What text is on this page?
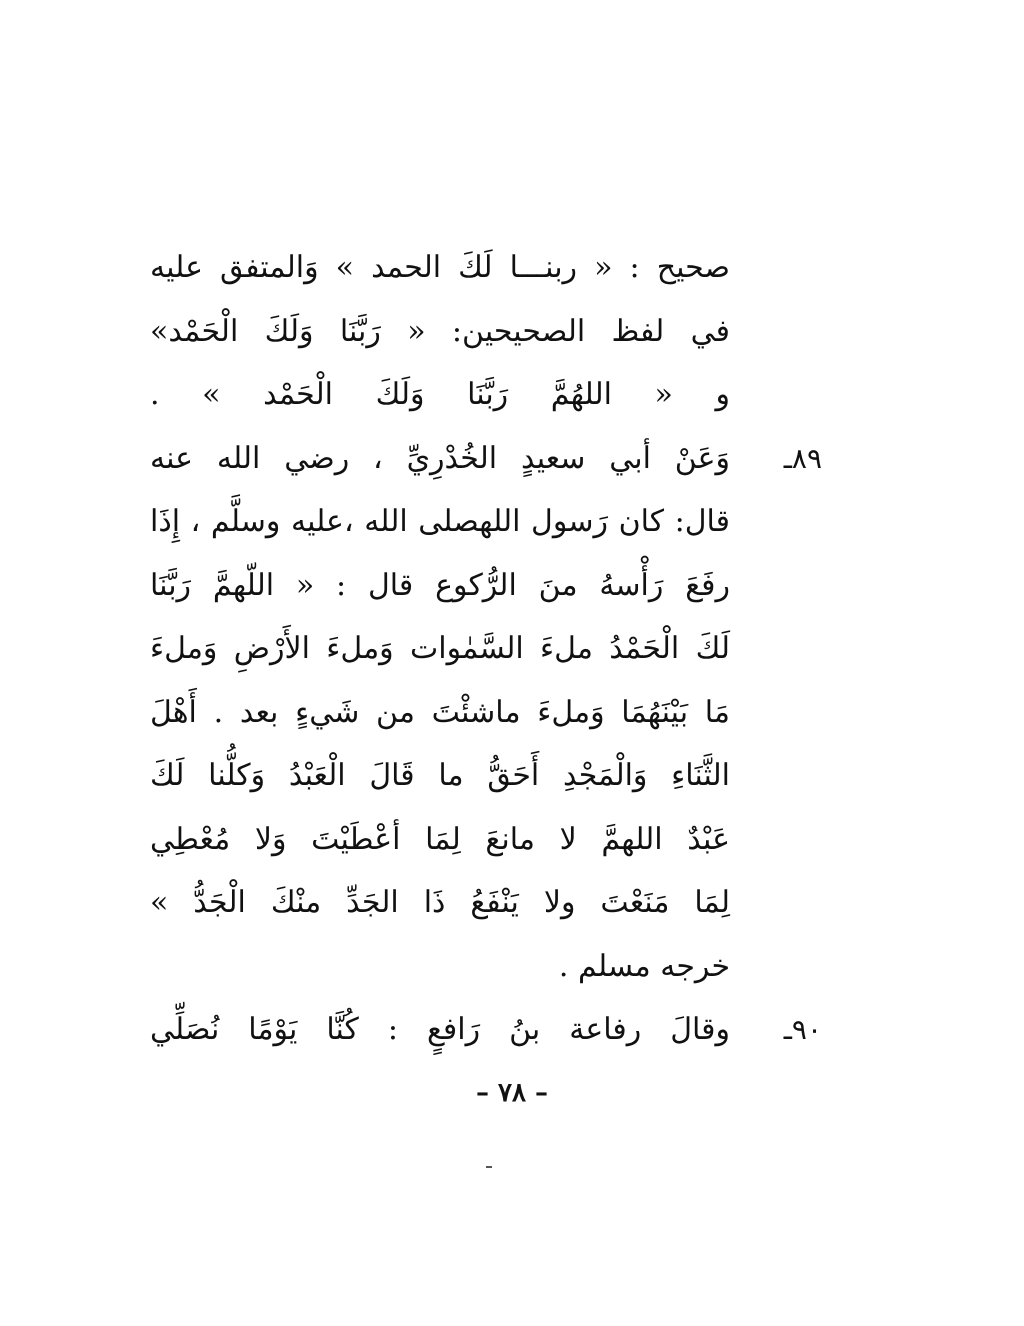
صحيح : « ربنـــا لَكَ الحمد » وَالمتفق عليه
في لفظ الصحيحين: « رَبَّنَا وَلَكَ الْحَمْد»
و « اللهُمَّ رَبَّنَا وَلَكَ الْحَمْد » .
٨٩ـ
وَعَنْ أبي سعيدٍ الخُدْرِيِّ ، رضي الله عنه
قال: كان رَسول اللهصلى الله ،عليه وسلَّم ، إِذَا
رفَعَ رَأْسهُ منَ الرُّكوع قال : « اللّهمَّ رَبَّنَا
لَكَ الْحَمْدُ ملءَ السَّمٰوات وَملءَ الأَرْضِ وَملءَ
مَا بَيْنَهُمَا وَملءَ ماشئْتَ من شَيءٍ بعد . أَهْلَ
الثَّنَاءِ وَالْمَجْدِ أَحَقُّ ما قَالَ الْعَبْدُ وَكلُّنا لَكَ
عَبْدٌ اللهمَّ لا مانعَ لِمَا أعْطَيْتَ وَلا مُعْطِي
لِمَا مَنَعْتَ ولا يَنْفَعُ ذَا الجَدِّ منْكَ الْجَدُّ »
خرجه مسلم .
٩٠ـ
وقالَ رفاعة بنُ رَافعٍ : كُنَّا يَوْمًا نُصَلِّي
– ٧٨ –
